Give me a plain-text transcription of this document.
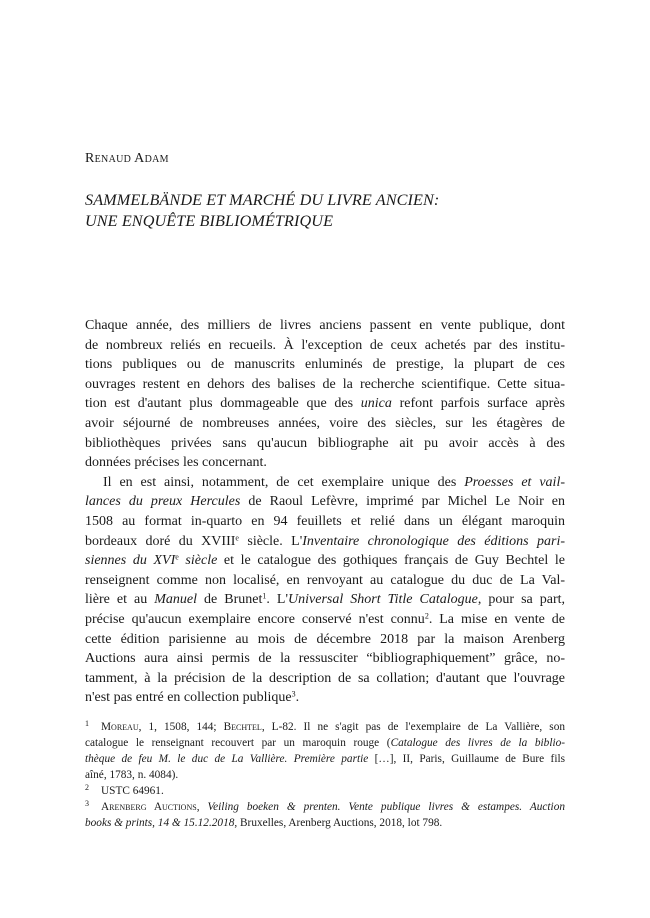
Renaud Adam
SAMMELBÄNDE ET MARCHÉ DU LIVRE ANCIEN:
UNE ENQUÊTE BIBLIOMÉTRIQUE
Chaque année, des milliers de livres anciens passent en vente publique, dont
de nombreux reliés en recueils. À l'exception de ceux achetés par des institu-
tions publiques ou de manuscrits enluminés de prestige, la plupart de ces
ouvrages restent en dehors des balises de la recherche scientifique. Cette situa-
tion est d'autant plus dommageable que des unica refont parfois surface après
avoir séjourné de nombreuses années, voire des siècles, sur les étagères de
bibliothèques privées sans qu'aucun bibliographe ait pu avoir accès à des
données précises les concernant.
Il en est ainsi, notamment, de cet exemplaire unique des Proesses et vail-
lances du preux Hercules de Raoul Lefèvre, imprimé par Michel Le Noir en
1508 au format in-quarto en 94 feuillets et relié dans un élégant maroquin
bordeaux doré du XVIIIe siècle. L'Inventaire chronologique des éditions pari-
siennes du XVIe siècle et le catalogue des gothiques français de Guy Bechtel le
renseignent comme non localisé, en renvoyant au catalogue du duc de La Val-
lière et au Manuel de Brunet$^1$. L'Universal Short Title Catalogue, pour sa part,
précise qu'aucun exemplaire encore conservé n'est connu$^2$. La mise en vente de
cette édition parisienne au mois de décembre 2018 par la maison Arenberg
Auctions aura ainsi permis de la ressusciter “bibliographiquement” grâce, no-
tamment, à la précision de la description de sa collation; d'autant que l'ouvrage
n'est pas entré en collection publique$^3$.
1 Moreau, 1, 1508, 144; Bechtel, L-82. Il ne s'agit pas de l'exemplaire de La Vallière, son
catalogue le renseignant recouvert par un maroquin rouge (Catalogue des livres de la biblio-
thèque de feu M. le duc de La Vallière. Première partie […], II, Paris, Guillaume de Bure fils
aîné, 1783, n. 4084).
2 USTC 64961.
3 Arenberg Auctions, Veiling boeken & prenten. Vente publique livres & estampes. Auction
books & prints, 14 & 15.12.2018, Bruxelles, Arenberg Auctions, 2018, lot 798.
